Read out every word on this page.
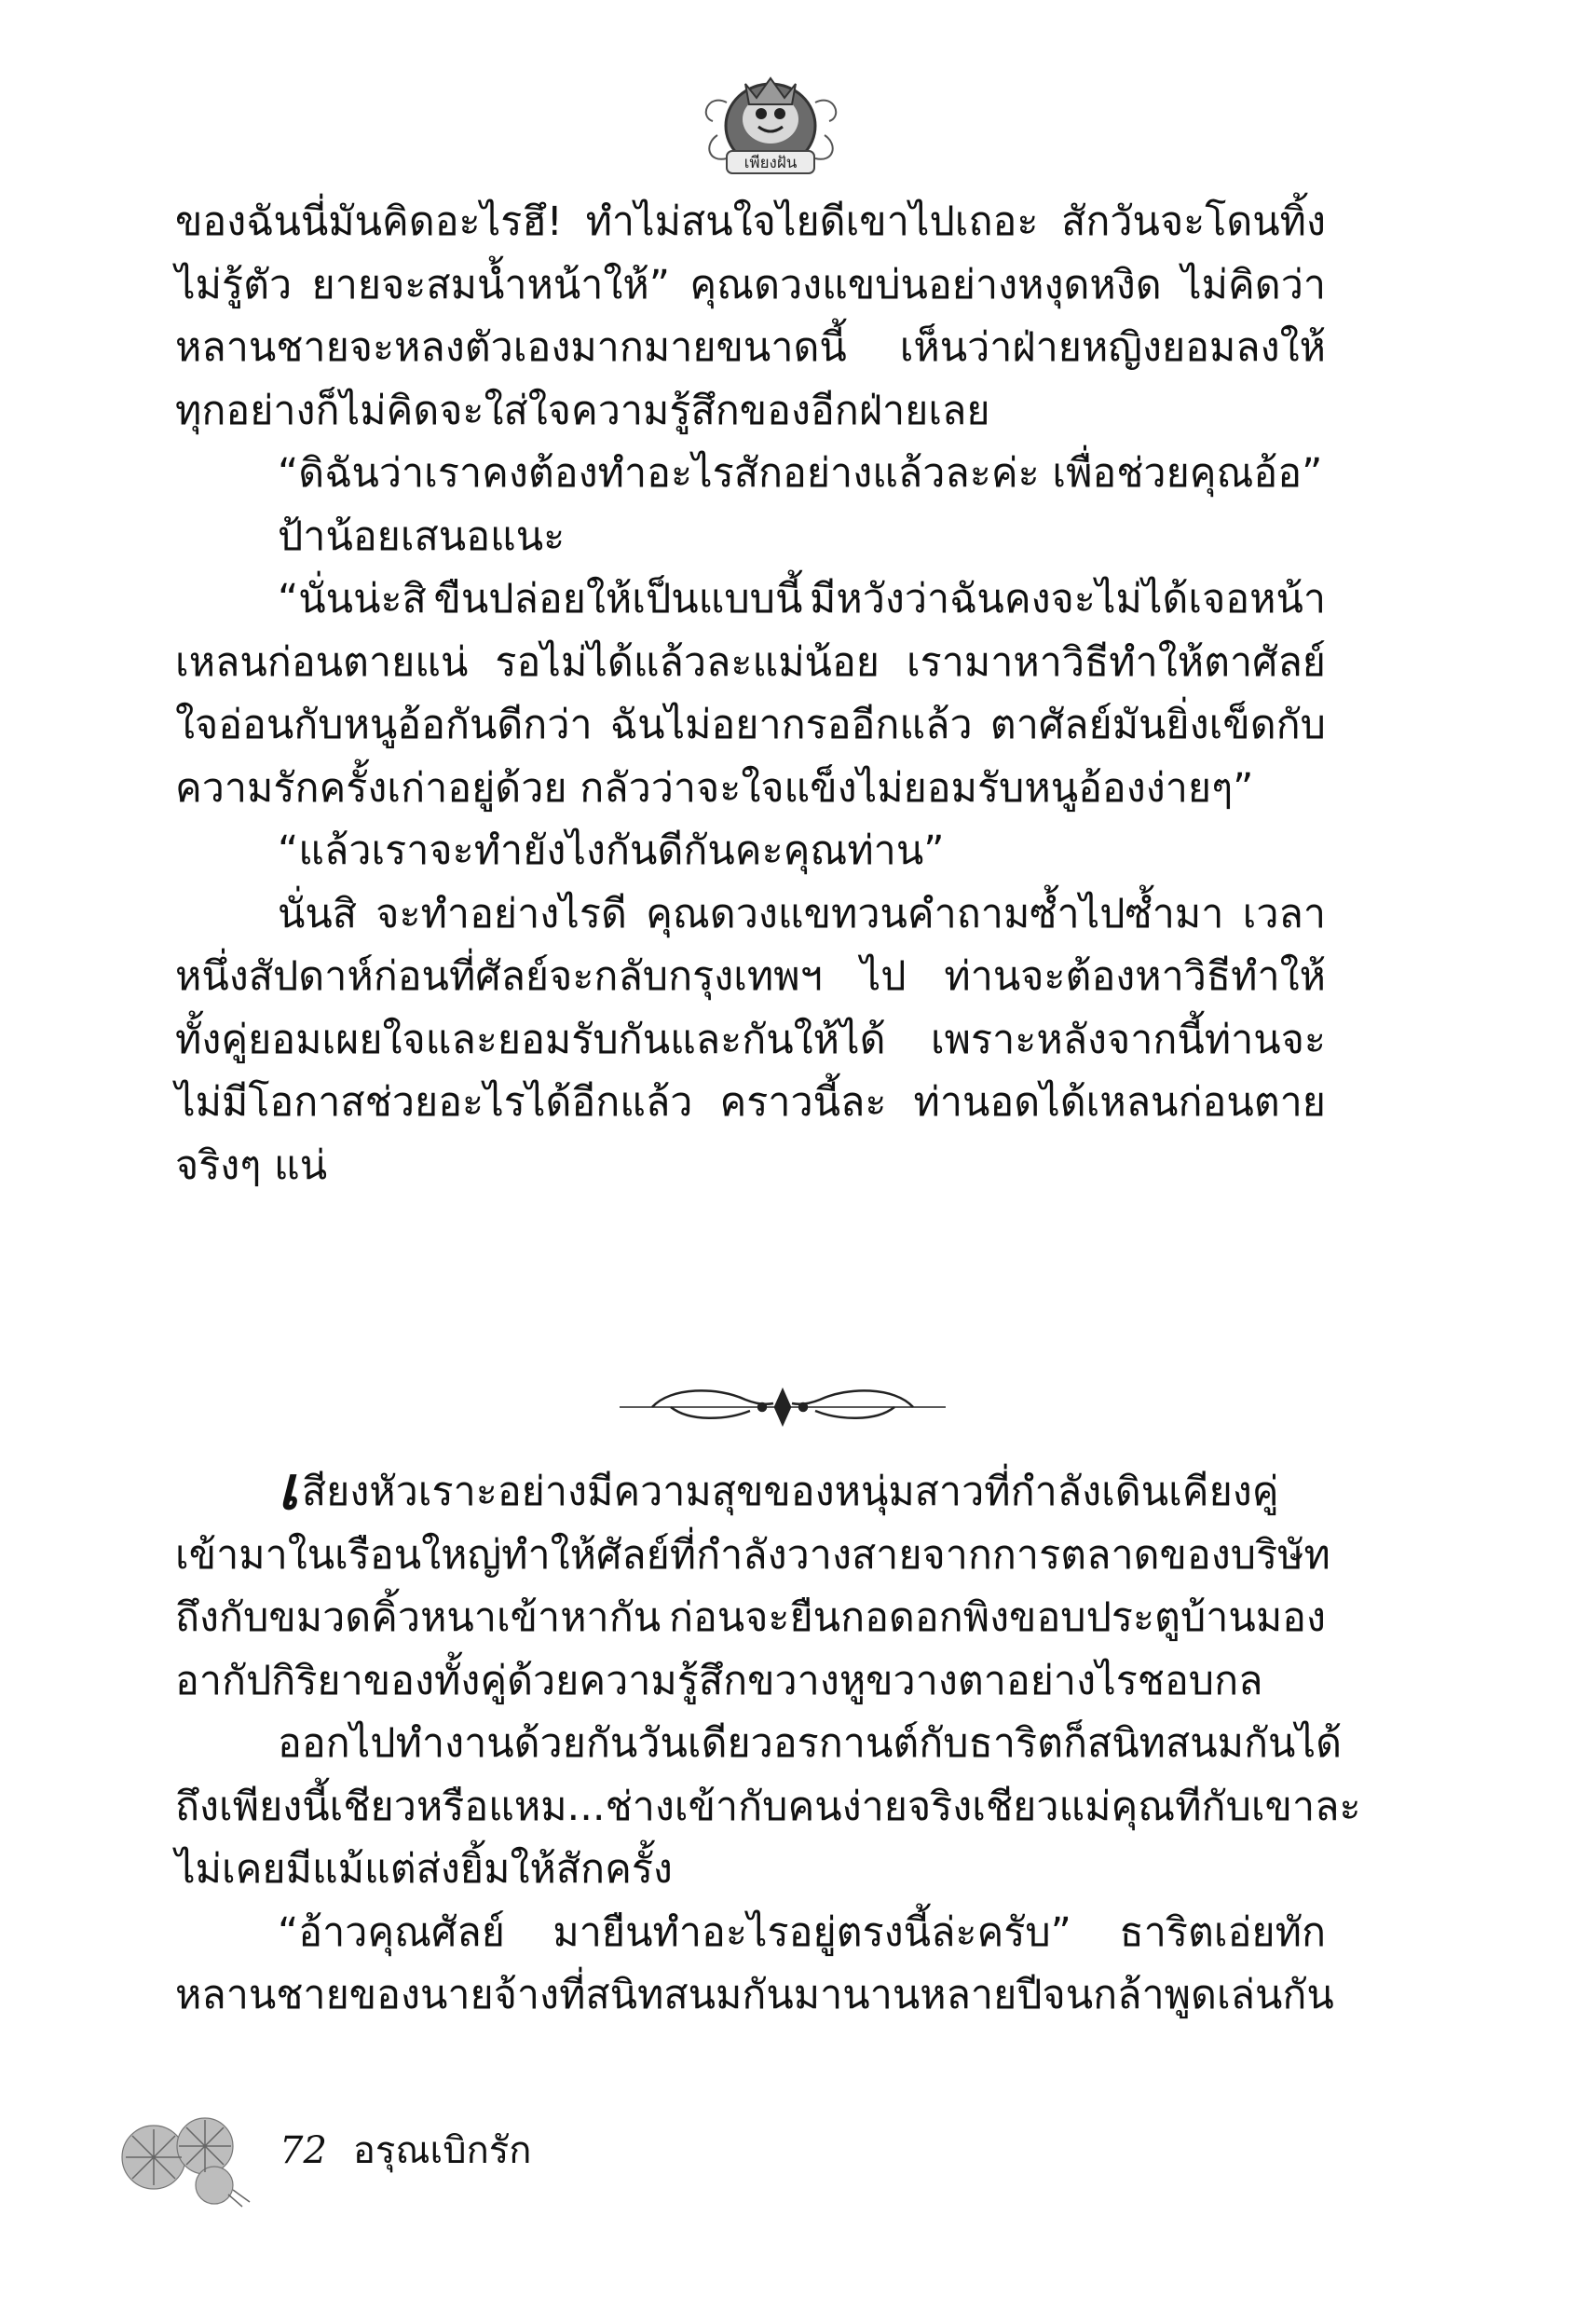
เพียงฝัน
ของฉันนี่มันคิดอะไรฮึ! ทำไม่สนใจไยดีเขาไปเถอะ สักวันจะโดนทิ้ง
ไม่รู้ตัว ยายจะสมน้ำหน้าให้” คุณดวงแขบ่นอย่างหงุดหงิด ไม่คิดว่า
หลานชายจะหลงตัวเองมากมายขนาดนี้ เห็นว่าฝ่ายหญิงยอมลงให้
ทุกอย่างก็ไม่คิดจะใส่ใจความรู้สึกของอีกฝ่ายเลย
“ดิฉันว่าเราคงต้องทำอะไรสักอย่างแล้วละค่ะ เพื่อช่วยคุณอ้อ”
ป้าน้อยเสนอแนะ
“นั่นน่ะสิ ขืนปล่อยให้เป็นแบบนี้ มีหวังว่าฉันคงจะไม่ได้เจอหน้า
เหลนก่อนตายแน่ รอไม่ได้แล้วละแม่น้อย เรามาหาวิธีทำให้ตาศัลย์
ใจอ่อนกับหนูอ้อกันดีกว่า ฉันไม่อยากรออีกแล้ว ตาศัลย์มันยิ่งเข็ดกับ
ความรักครั้งเก่าอยู่ด้วย กลัวว่าจะใจแข็งไม่ยอมรับหนูอ้องง่ายๆ”
“แล้วเราจะทำยังไงกันดีกันคะคุณท่าน”
นั่นสิ จะทำอย่างไรดี คุณดวงแขทวนคำถามซ้ำไปซ้ำมา เวลา
หนึ่งสัปดาห์ก่อนที่ศัลย์จะกลับกรุงเทพฯ ไป ท่านจะต้องหาวิธีทำให้
ทั้งคู่ยอมเผยใจและยอมรับกันและกันให้ได้ เพราะหลังจากนี้ท่านจะ
ไม่มีโอกาสช่วยอะไรได้อีกแล้ว คราวนี้ละ ท่านอดได้เหลนก่อนตาย
จริงๆ แน่
เ สียงหัวเราะอย่างมีความสุขของหนุ่มสาวที่กำลังเดินเคียงคู่
เข้ามาในเรือนใหญ่ทำให้ศัลย์ที่กำลังวางสายจากการตลาดของบริษัท
ถึงกับขมวดคิ้วหนาเข้าหากัน ก่อนจะยืนกอดอกพิงขอบประตูบ้านมอง
อากัปกิริยาของทั้งคู่ด้วยความรู้สึกขวางหูขวางตาอย่างไรชอบกล
ออกไปทำงานด้วยกันวันเดียว อรกานต์กับธาริตก็สนิทสนมกันได้
ถึงเพียงนี้เชียวหรือ แหม...ช่างเข้ากับคนง่ายจริงเชียวแม่คุณ ทีกับเขาละ
ไม่เคยมีแม้แต่ส่งยิ้มให้สักครั้ง
“อ้าวคุณศัลย์ มายืนทำอะไรอยู่ตรงนี้ล่ะครับ” ธาริตเอ่ยทัก
หลานชายของนายจ้าง ที่สนิทสนมกันมานานหลายปีจนกล้าพูดเล่นกัน
72 อรุณเบิกรัก
